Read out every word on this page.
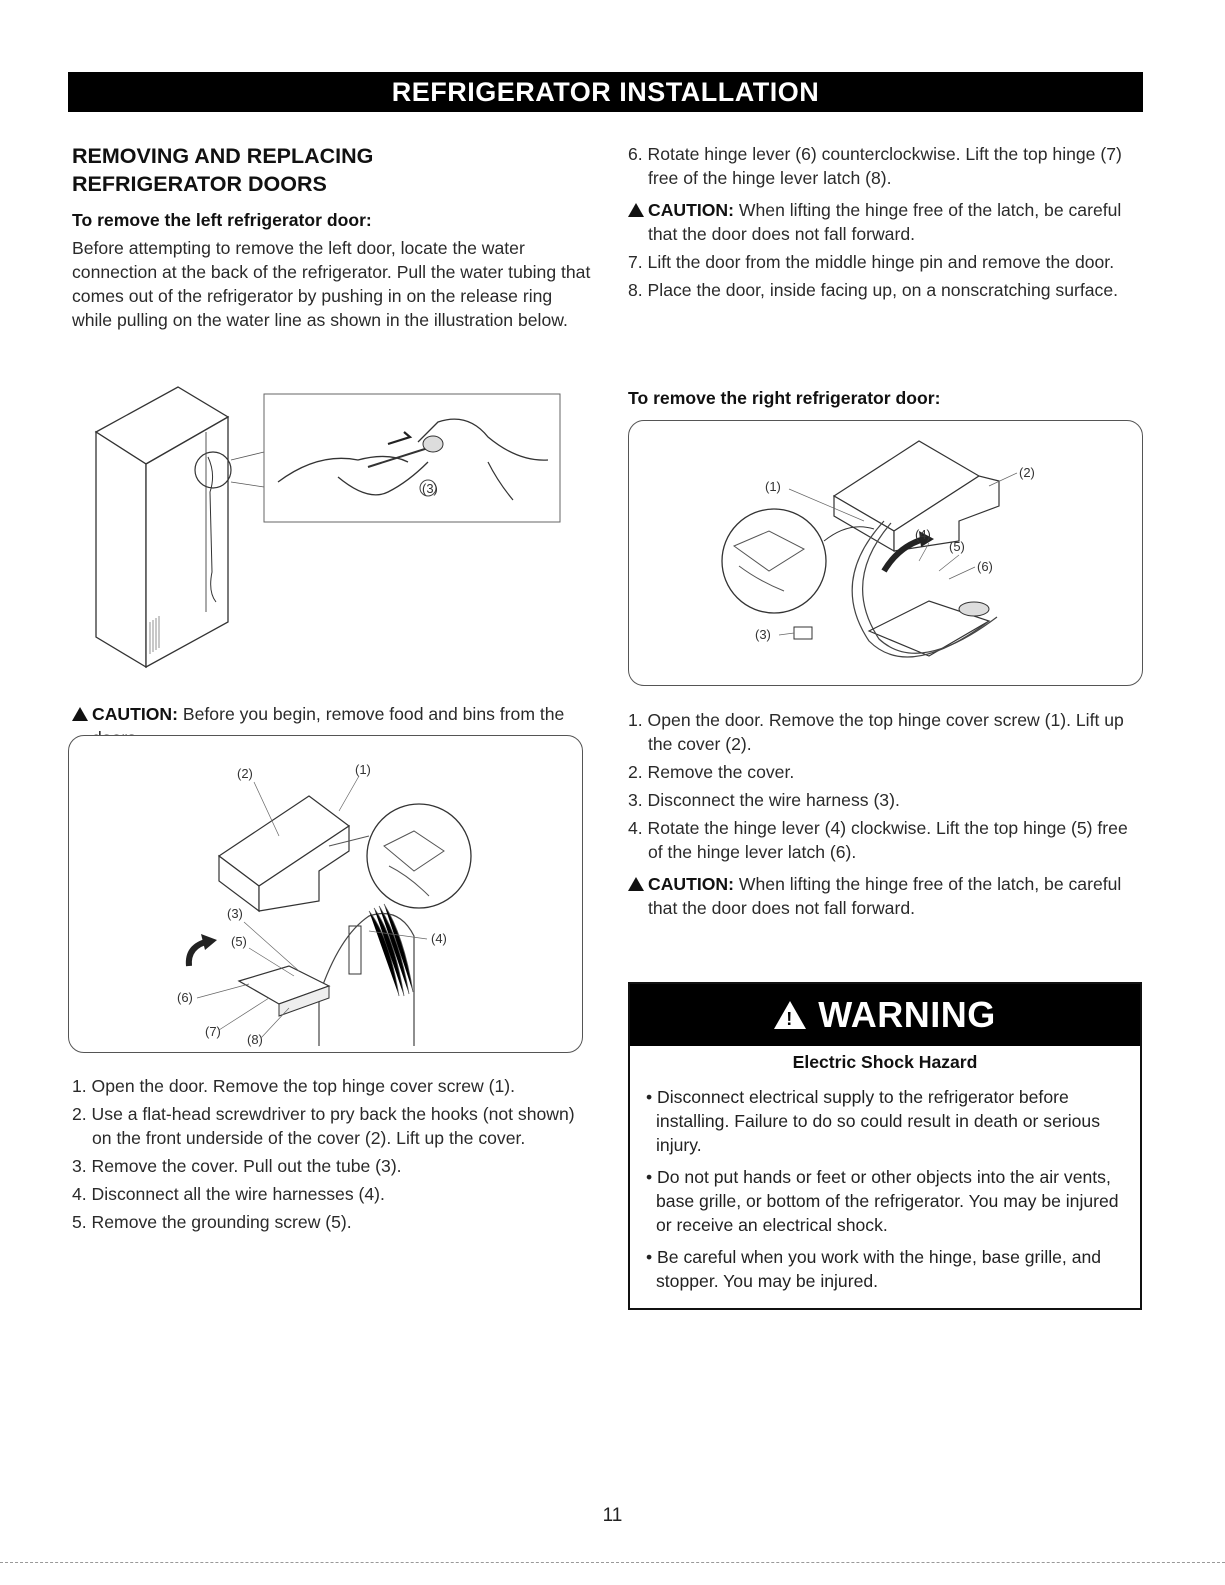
REFRIGERATOR INSTALLATION
REMOVING AND REPLACING
REFRIGERATOR DOORS
To remove the left refrigerator door:

Before attempting to remove the left door, locate the water connection at the back of the refrigerator. Pull the water tubing that comes out of the refrigerator by pushing in on the release ring while pulling on the water line as shown in the illustration below.

(3)

!CAUTION: Before you begin, remove food and bins from the

(2)	(1)
(3)
(5)	(4)
(6)
(7)
(8)
1. Open the door. Remove the top hinge cover screw (1).
2. Use a flat-head screwdriver to pry back the hooks (not shown) on the front underside of the cover (2). Lift up the cover.
3. Remove the cover. Pull out the tube (3).
4. Disconnect all the wire harnesses (4).
5. Remove the grounding screw (5).
6. Rotate hinge lever (6) counterclockwise. Lift the top hinge (7) free of the hinge lever latch (8).

!CAUTION: When lifting the hinge free of the latch, be careful that the door does not fall forward.

7. Lift the door from the middle hinge pin and remove the door.
8. Place the door, inside facing up, on a nonscratching surface.
To remove the right refrigerator door:
(1)
(2)
(4)
(5)
(6)
(3)
1. Open the door. Remove the top hinge cover screw (1). Lift up the cover (2).
2. Remove the cover.
3. Disconnect the wire harness (3).
4. Rotate the hinge lever (4) clockwise. Lift the top hinge (5) free of the hinge lever latch (6).

!CAUTION: When lifting the hinge free of the latch, be careful that the door does not fall forward.

!WARNING
Electric Shock Hazard
• Disconnect electrical supply to the refrigerator before installing. Failure to do so could result in death or serious injury.
• Do not put hands or feet or other objects into the air vents, base grille, or bottom of the refrigerator. You may be injured or receive an electrical shock.
• Be careful when you work with the hinge, base grille, and stopper. You may be injured.
11
